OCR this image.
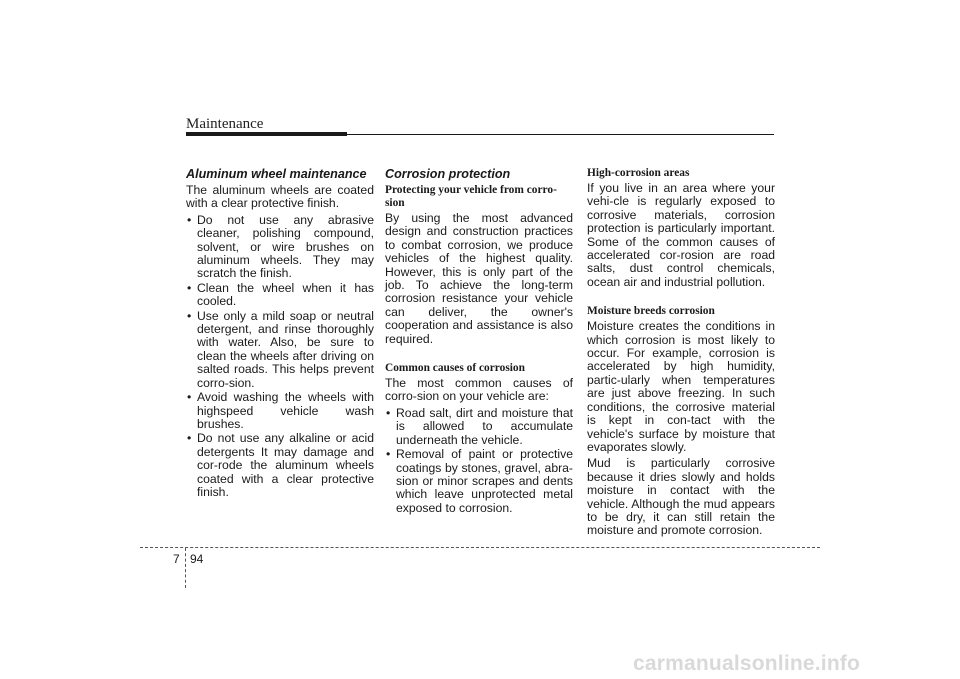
Maintenance
Aluminum wheel maintenance

The aluminum wheels are coated with a clear protective finish.

• Do not use any abrasive cleaner, polishing compound, solvent, or wire brushes on aluminum wheels. They may scratch the finish.
• Clean the wheel when it has cooled.
• Use only a mild soap or neutral detergent, and rinse thoroughly with water. Also, be sure to clean the wheels after driving on salted roads. This helps prevent corro-sion.
• Avoid washing the wheels with highspeed vehicle wash brushes.
• Do not use any alkaline or acid detergents It may damage and cor-rode the aluminum wheels coated with a clear protective finish.
Corrosion protection
Protecting your vehicle from corro-sion

By using the most advanced design and construction practices to combat corrosion, we produce vehicles of the highest quality. However, this is only part of the job. To achieve the long-term corrosion resistance your vehicle can deliver, the owner's cooperation and assistance is also required.

Common causes of corrosion

The most common causes of corro-sion on your vehicle are:

• Road salt, dirt and moisture that is allowed to accumulate underneath the vehicle.
• Removal of paint or protective coatings by stones, gravel, abra-sion or minor scrapes and dents which leave unprotected metal exposed to corrosion.
High-corrosion areas

If you live in an area where your vehi-cle is regularly exposed to corrosive materials, corrosion protection is particularly important. Some of the common causes of accelerated cor-rosion are road salts, dust control chemicals, ocean air and industrial pollution.

Moisture breeds corrosion

Moisture creates the conditions in which corrosion is most likely to occur. For example, corrosion is accelerated by high humidity, partic-ularly when temperatures are just above freezing. In such conditions, the corrosive material is kept in con-tact with the vehicle's surface by moisture that evaporates slowly.

Mud is particularly corrosive because it dries slowly and holds moisture in contact with the vehicle. Although the mud appears to be dry, it can still retain the moisture and promote corrosion.

7 94
carmanualsonline.info
